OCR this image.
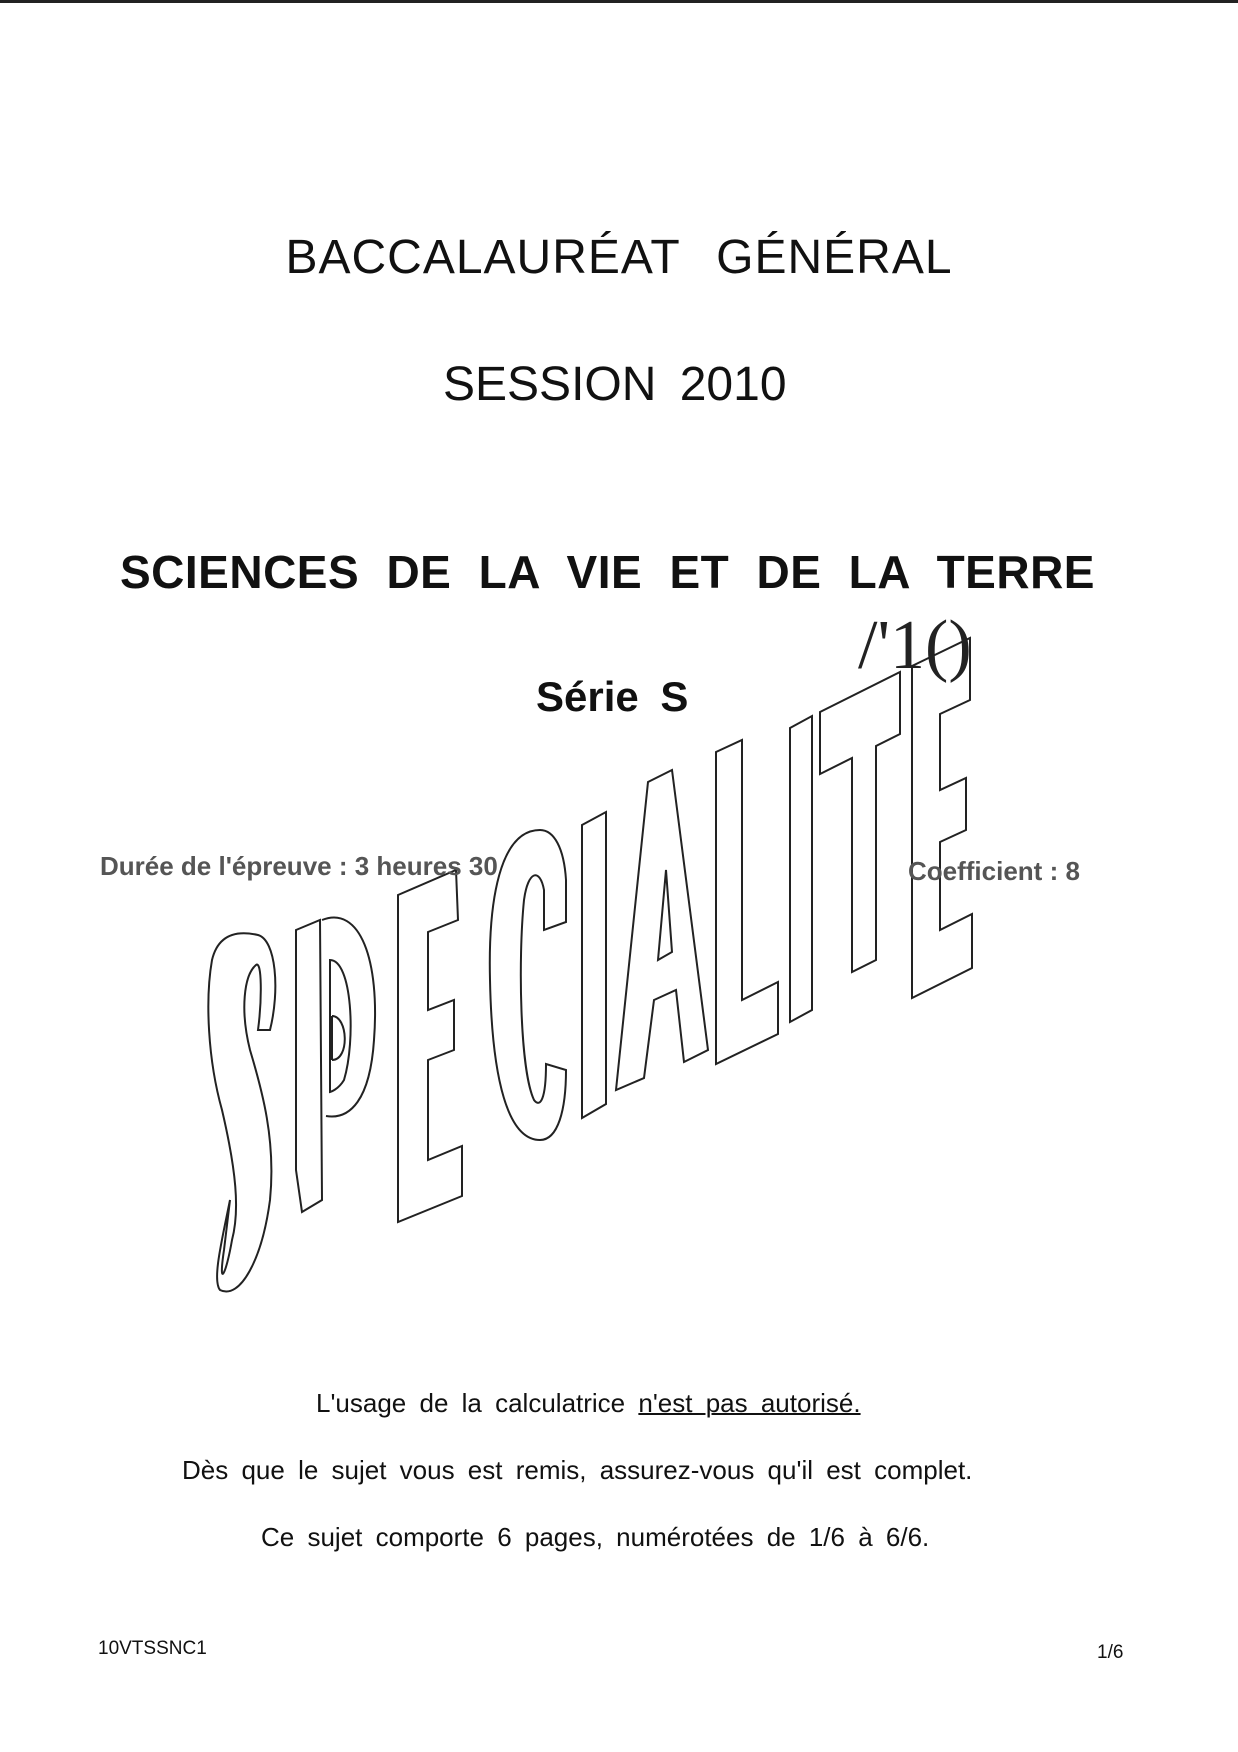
BACCALAURÉAT GÉNÉRAL
SESSION 2010
SCIENCES DE LA VIE ET DE LA TERRE
/'1()
Série S
Durée de l'épreuve : 3 heures 30	Coefficient : 8
L'usage de la calculatrice n'est pas autorisé.
Dès que le sujet vous est remis, assurez-vous qu'il est complet.
Ce sujet comporte 6 pages, numérotées de 1/6 à 6/6.
10VTSSNC1	1/6
